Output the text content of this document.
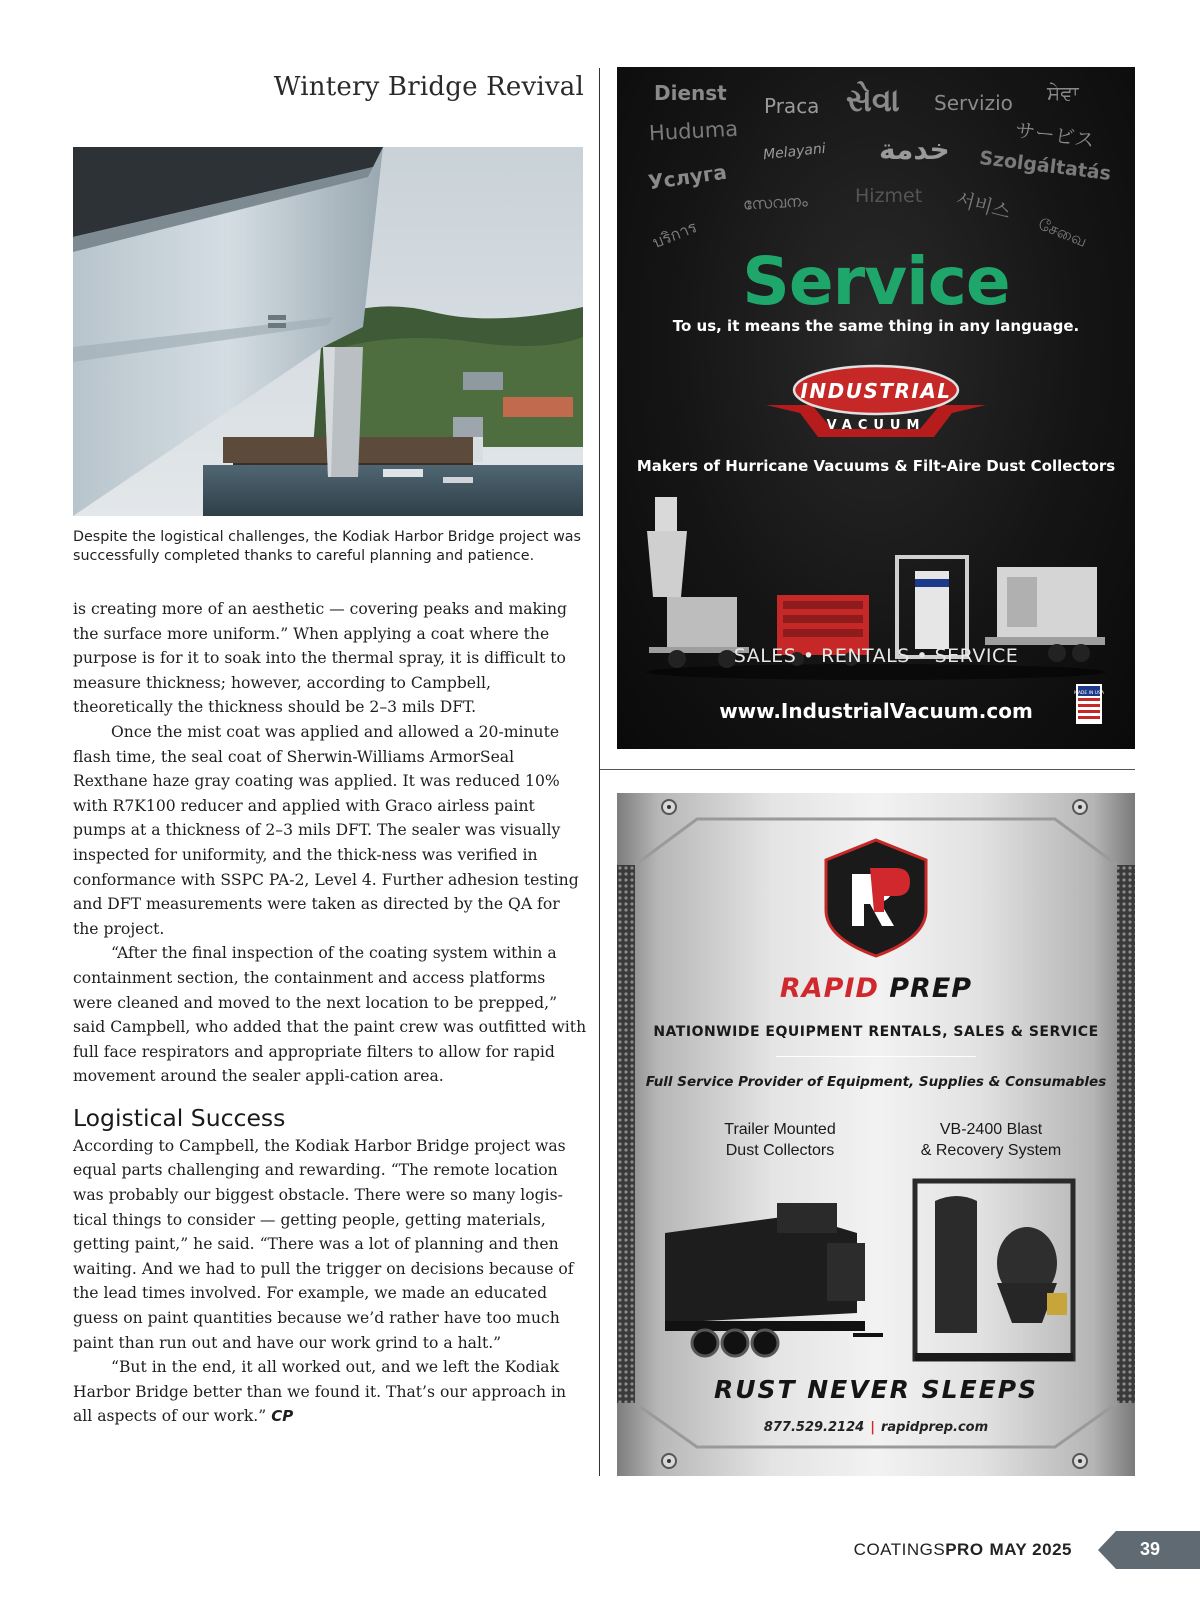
Wintery Bridge Revival
Despite the logistical challenges, the Kodiak Harbor Bridge project was successfully completed thanks to careful planning and patience.

is creating more of an aesthetic — covering peaks and making the surface more uniform.” When applying a coat where the purpose is for it to soak into the thermal spray, it is difficult to measure thickness; however, according to Campbell, theoretically the thickness should be 2–3 mils DFT.

Once the mist coat was applied and allowed a 20-minute flash time, the seal coat of Sherwin-Williams ArmorSeal Rexthane haze gray coating was applied. It was reduced 10% with R7K100 reducer and applied with Graco airless paint pumps at a thickness of 2–3 mils DFT. The sealer was visually inspected for uniformity, and the thick-ness was verified in conformance with SSPC PA-2, Level 4. Further adhesion testing and DFT measurements were taken as directed by the QA for the project.

“After the final inspection of the coating system within a containment section, the containment and access platforms were cleaned and moved to the next location to be prepped,” said Campbell, who added that the paint crew was outfitted with full face respirators and appropriate filters to allow for rapid movement around the sealer appli-cation area.

Logistical Success

According to Campbell, the Kodiak Harbor Bridge project was equal parts challenging and rewarding. “The remote location was probably our biggest obstacle. There were so many logis-tical things to consider — getting people, getting materials, getting paint,” he said. “There was a lot of planning and then waiting. And we had to pull the trigger on decisions because of the lead times involved. For example, we made an educated guess on paint quantities because we’d rather have too much paint than run out and have our work grind to a halt.”

“But in the end, it all worked out, and we left the Kodiak Harbor Bridge better than we found it. That’s our approach in all aspects of our work.” CP

Dienst
Praca સેવા Servizio ਸੇਵਾ
Huduma	サービス
Melayani خدمة Szolgáltatás
Услуга
സേവനം Hizmet 서비스
บริการ	சேவை
Service
To us, it means the same thing in any language.
INDUSTRIAL
VACUUM
Makers of Hurricane Vacuums & Filt-Aire Dust Collectors
SALES • RENTALS • SERVICE
www.IndustrialVacuum.com
MADE IN USA
RAPID PREP
NATIONWIDE EQUIPMENT RENTALS, SALES & SERVICE
Full Service Provider of Equipment, Supplies & Consumables
Trailer Mounted
Dust Collectors
VB-2400 Blast
& Recovery System
RUST NEVER SLEEPS
877.529.2124 | rapidprep.com
COATINGSPRO MAY 2025	39
